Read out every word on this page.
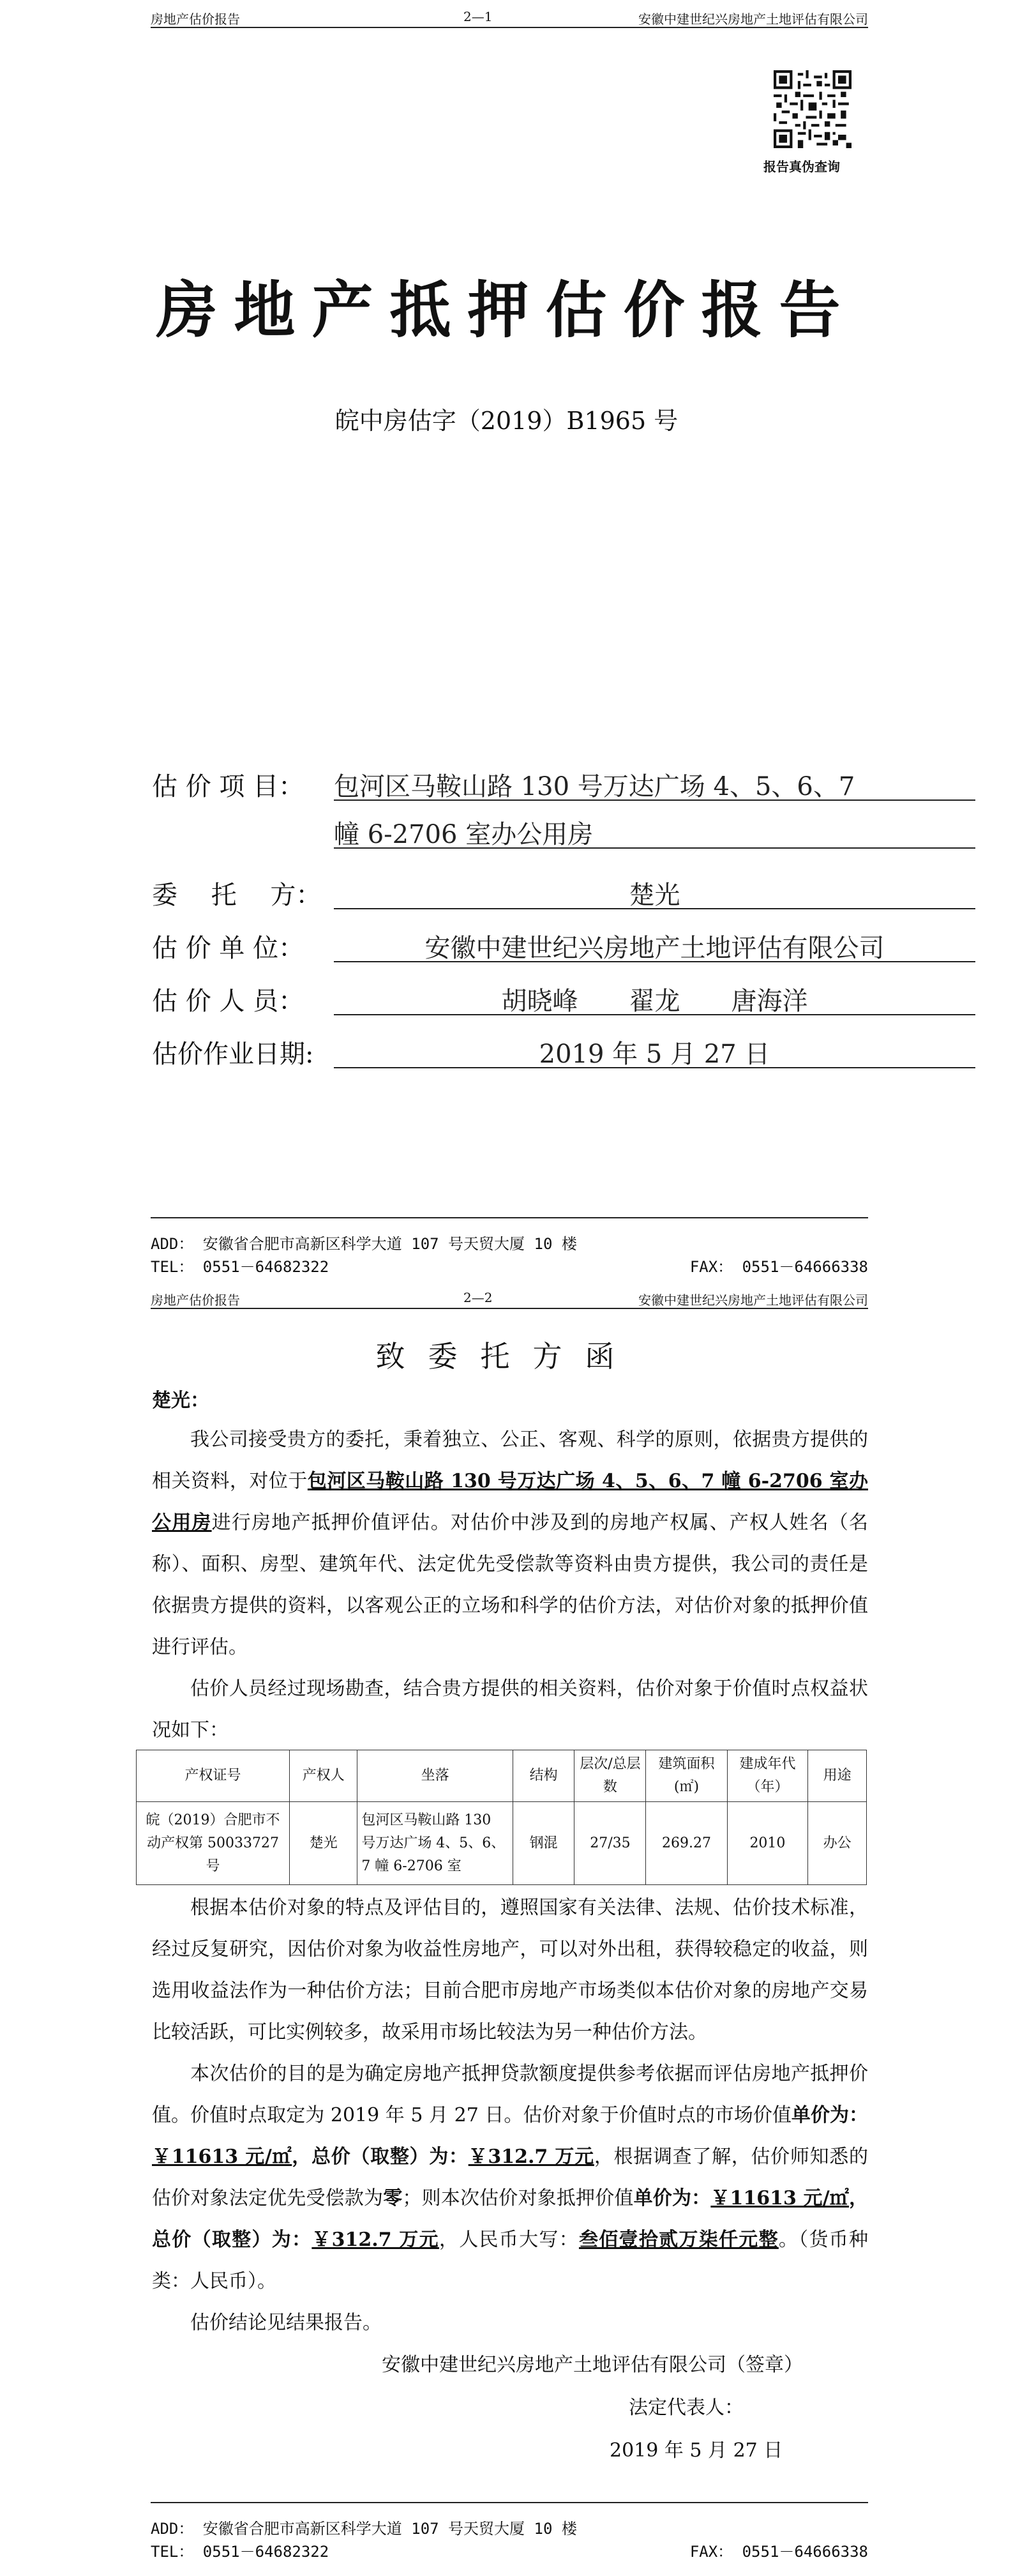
房地产估价报告	2—1	安徽中建世纪兴房地产土地评估有限公司
报告真伪查询
房地产抵押估价报告
皖中房估字（2019）B1965 号
估 价 项 目： 包河区马鞍山路 130 号万达广场 4、5、6、7
幢 6-2706 室办公用房
委　 托　 方：	楚光
估 价 单 位：	安徽中建世纪兴房地产土地评估有限公司
估 价 人 员：	胡晓峰　　翟龙　　唐海洋
估价作业日期:	2019 年 5 月 27 日
ADD： 安徽省合肥市高新区科学大道 107 号天贸大厦 10 楼
TEL： 0551－64682322	FAX： 0551－64666338
房地产估价报告	2—2	安徽中建世纪兴房地产土地评估有限公司
致委托方函
楚光：

我公司接受贵方的委托，秉着独立、公正、客观、科学的原则，依据贵方提供的相关资料，对位于包河区马鞍山路 130 号万达广场 4、5、6、7 幢 6-2706 室办公用房进行房地产抵押价值评估。对估价中涉及到的房地产权属、产权人姓名（名称）、面积、房型、建筑年代、法定优先受偿款等资料由贵方提供，我公司的责任是依据贵方提供的资料，以客观公正的立场和科学的估价方法，对估价对象的抵押价值进行评估。

估价人员经过现场勘查，结合贵方提供的相关资料，估价对象于价值时点权益状况如下：

产权证号	产权人	坐落	结构	层次/总层数	建筑面积(㎡)	建成年代（年）	用途
皖（2019）合肥市不动产权第 50033727 号	楚光	包河区马鞍山路 130 号万达广场 4、5、6、7 幢 6-2706 室	钢混	27/35	269.27	2010	办公

根据本估价对象的特点及评估目的，遵照国家有关法律、法规、估价技术标准，经过反复研究，因估价对象为收益性房地产，可以对外出租，获得较稳定的收益，则选用收益法作为一种估价方法；目前合肥市房地产市场类似本估价对象的房地产交易比较活跃，可比实例较多，故采用市场比较法为另一种估价方法。

本次估价的目的是为确定房地产抵押贷款额度提供参考依据而评估房地产抵押价值。价值时点取定为 2019 年 5 月 27 日。估价对象于价值时点的市场价值单价为：￥11613 元/㎡，总价（取整）为：￥312.7 万元，根据调查了解，估价师知悉的估价对象法定优先受偿款为零；则本次估价对象抵押价值单价为：￥11613 元/㎡，总价（取整）为：￥312.7 万元，人民币大写：叁佰壹拾贰万柒仟元整。（货币种类：人民币）。

估价结论见结果报告。

安徽中建世纪兴房地产土地评估有限公司（签章）
法定代表人：
2019 年 5 月 27 日
ADD： 安徽省合肥市高新区科学大道 107 号天贸大厦 10 楼
TEL： 0551－64682322	FAX： 0551－64666338
